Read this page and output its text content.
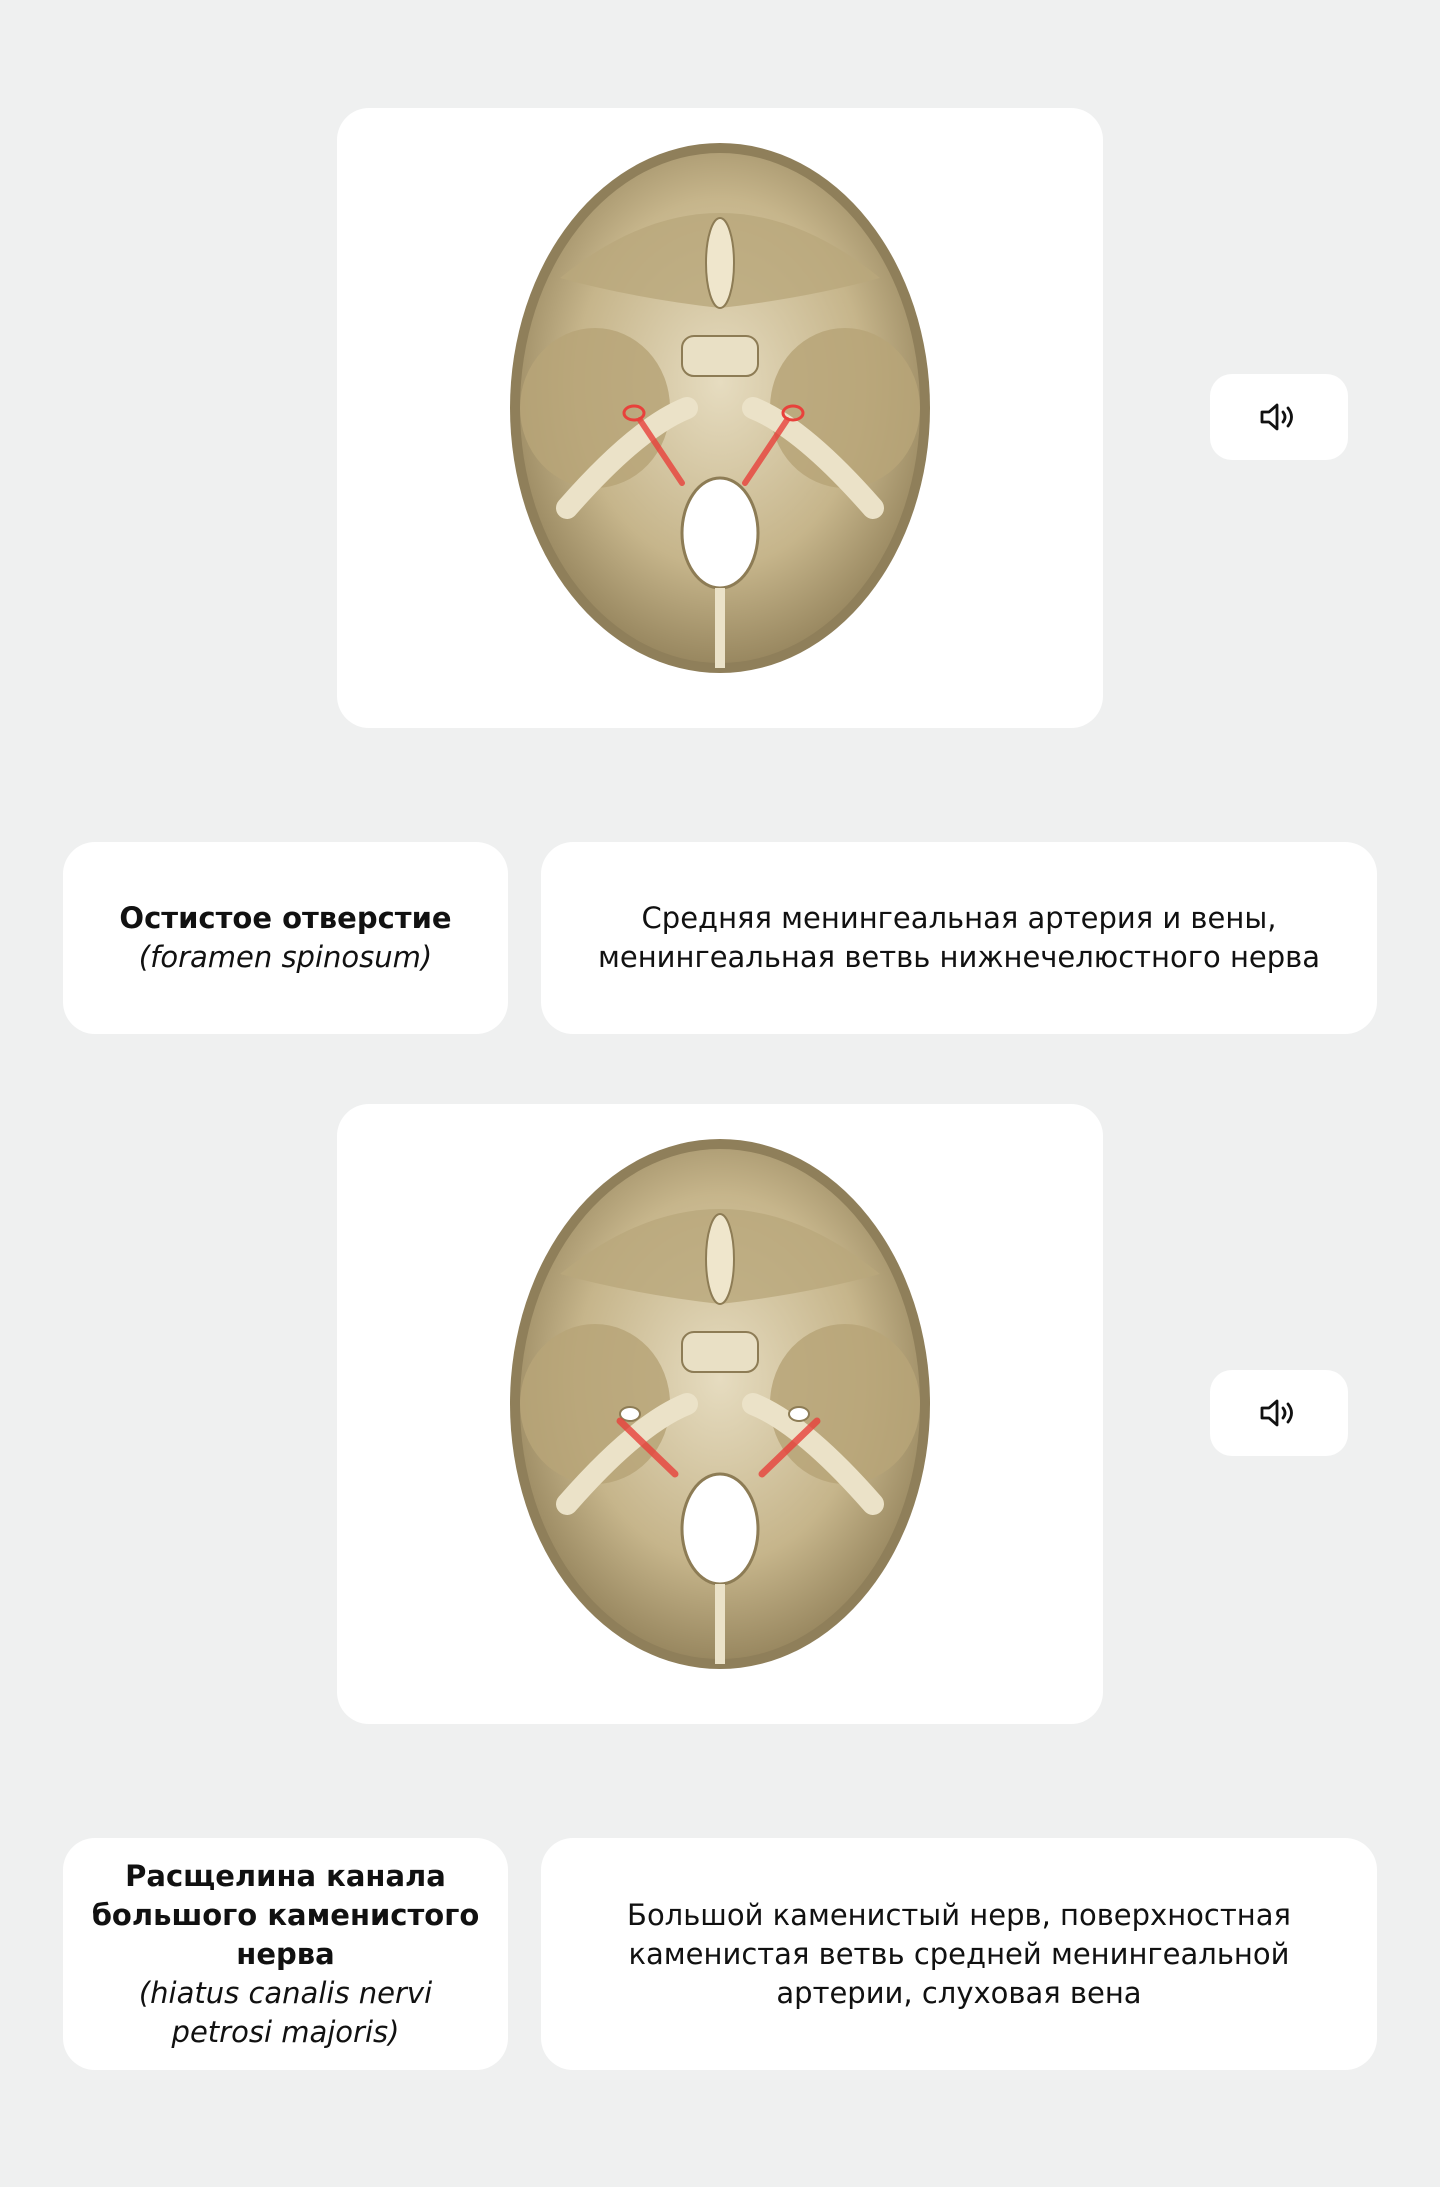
Остистое отверстие
(foramen spinosum)
Средняя менингеальная артерия и вены, менингеальная ветвь нижнечелюстного нерва
Расщелина канала большого каменистого нерва
(hiatus canalis nervi petrosi majoris)
Большой каменистый нерв, поверхностная каменистая ветвь средней менингеальной артерии, слуховая вена
